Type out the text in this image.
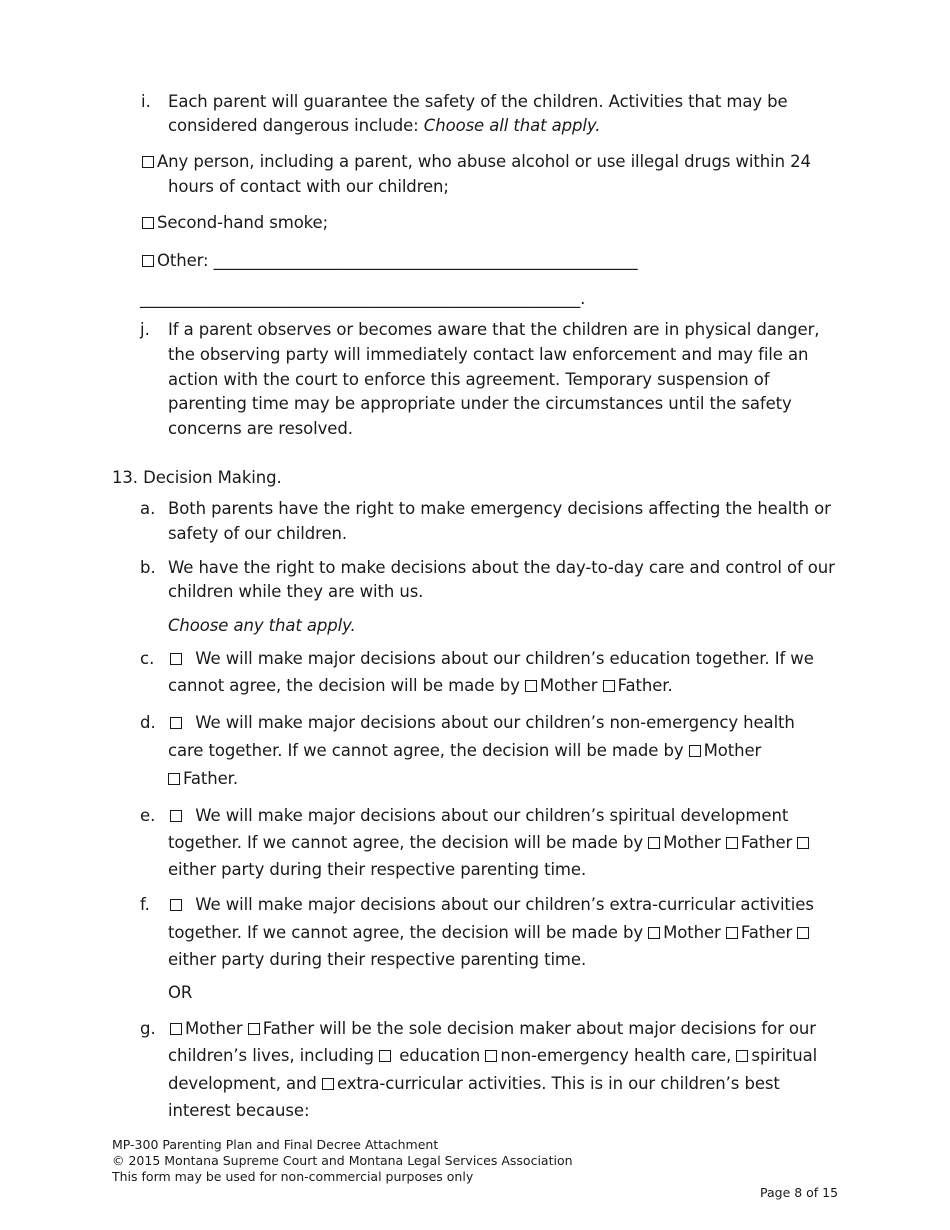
i. Each parent will guarantee the safety of the children. Activities that may be
considered dangerous include: Choose all that apply.
Any person, including a parent, who abuse alcohol or use illegal drugs within 24
hours of contact with our children;
Second-hand smoke;
Other: ____________________________________________________
______________________________________________________.
j. If a parent observes or becomes aware that the children are in physical danger,
the observing party will immediately contact law enforcement and may file an
action with the court to enforce this agreement. Temporary suspension of
parenting time may be appropriate under the circumstances until the safety
concerns are resolved.
13. Decision Making.
a. Both parents have the right to make emergency decisions affecting the health or
safety of our children.
b. We have the right to make decisions about the day-to-day care and control of our
children while they are with us.
Choose any that apply.
c.	We will make major decisions about our children’s education together. If we
cannot agree, the decision will be made by Mother Father.
d.	We will make major decisions about our children’s non-emergency health
care together. If we cannot agree, the decision will be made by Mother
Father.
e.	We will make major decisions about our children’s spiritual development
together. If we cannot agree, the decision will be made by Mother Father
either party during their respective parenting time.
f.	We will make major decisions about our children’s extra-curricular activities
together. If we cannot agree, the decision will be made by Mother Father
either party during their respective parenting time.
OR
g.	Mother Father will be the sole decision maker about major decisions for our
children’s lives, including  education non-emergency health care, spiritual
development, and extra-curricular activities. This is in our children’s best
interest because:
MP-300 Parenting Plan and Final Decree Attachment
© 2015 Montana Supreme Court and Montana Legal Services Association
This form may be used for non-commercial purposes only
Page 8 of 15
